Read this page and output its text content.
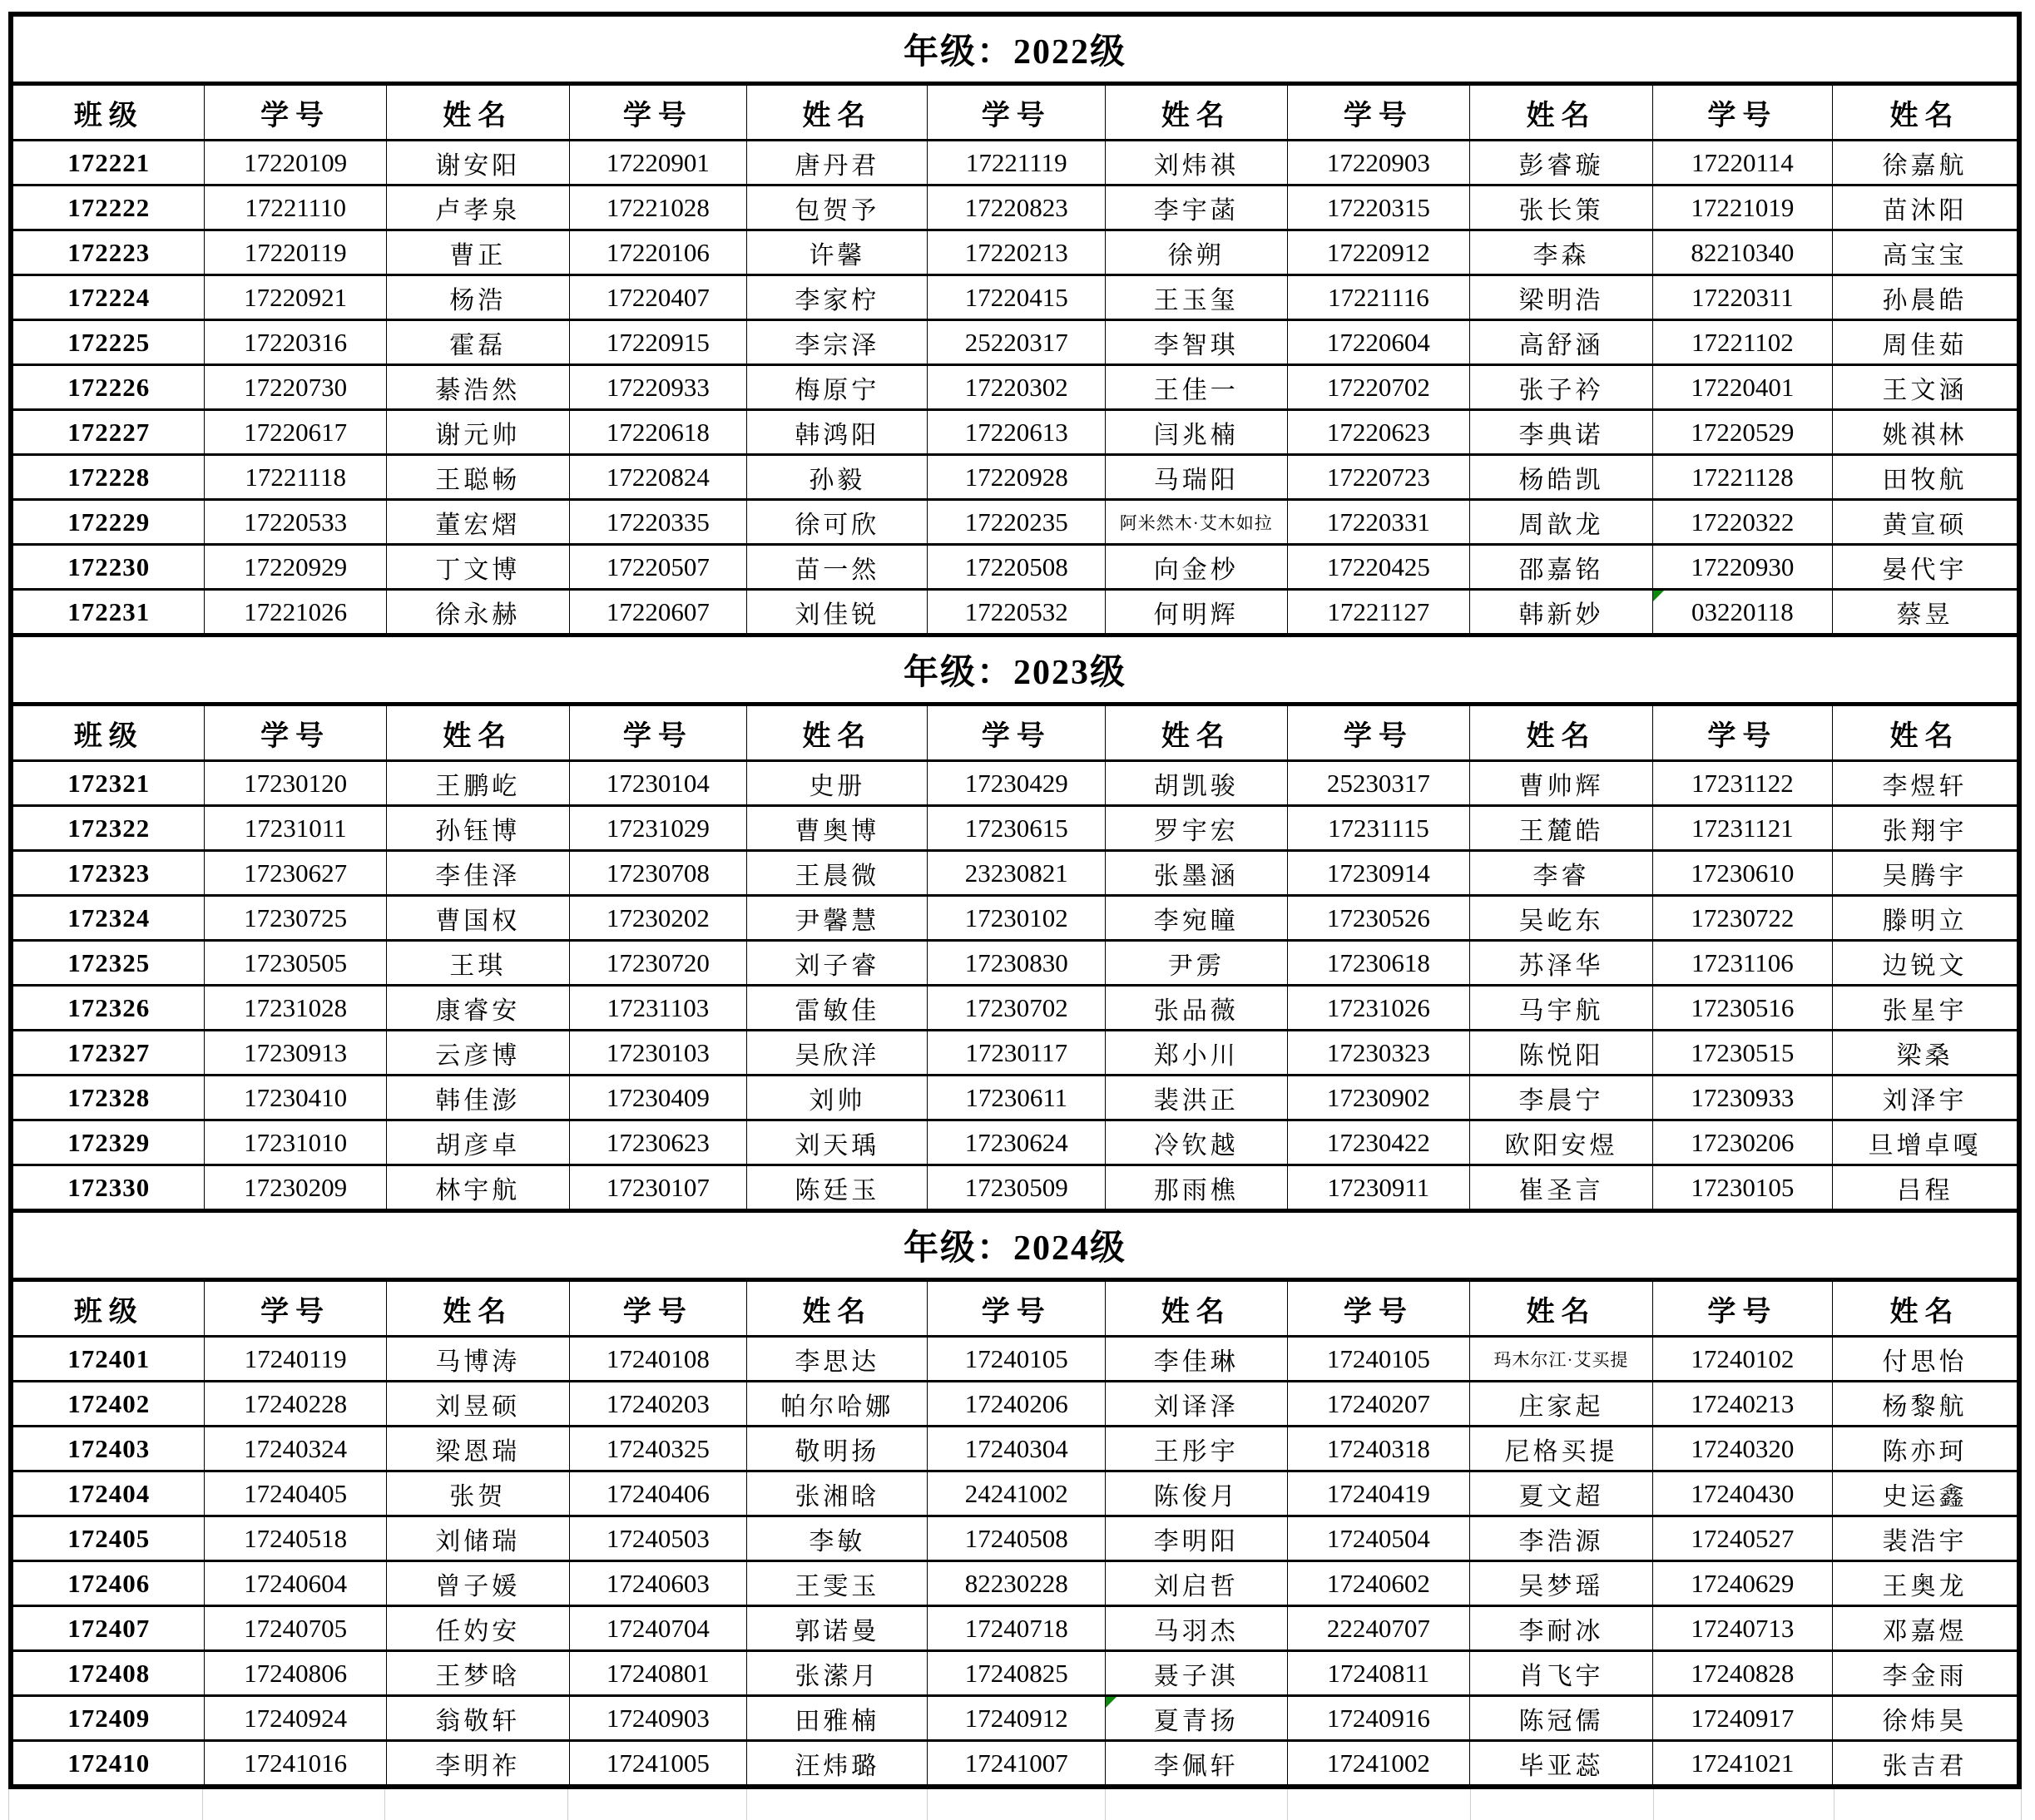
年级：2022级										
班级	学号	姓名	学号	姓名	学号	姓名	学号	姓名	学号	姓名
172221	17220109	谢安阳	17220901	唐丹君	17221119	刘炜祺	17220903	彭睿璇	17220114	徐嘉航
172222	17221110	卢孝泉	17221028	包贺予	17220823	李宇菡	17220315	张长策	17221019	苗沐阳
172223	17220119	曹正	17220106	许馨	17220213	徐朔	17220912	李森	82210340	高宝宝
172224	17220921	杨浩	17220407	李家柠	17220415	王玉玺	17221116	梁明浩	17220311	孙晨皓
172225	17220316	霍磊	17220915	李宗泽	25220317	李智琪	17220604	高舒涵	17221102	周佳茹
172226	17220730	綦浩然	17220933	梅原宁	17220302	王佳一	17220702	张子衿	17220401	王文涵
172227	17220617	谢元帅	17220618	韩鸿阳	17220613	闫兆楠	17220623	李典诺	17220529	姚祺林
172228	17221118	王聪畅	17220824	孙毅	17220928	马瑞阳	17220723	杨皓凯	17221128	田牧航
172229	17220533	董宏熠	17220335	徐可欣	17220235	阿米然木·艾木如拉	17220331	周歆龙	17220322	黄宣硕
172230	17220929	丁文博	17220507	苗一然	17220508	向金杪	17220425	邵嘉铭	17220930	晏代宇
172231	17221026	徐永赫	17220607	刘佳锐	17220532	何明辉	17221127	韩新妙	03220118	蔡昱
年级：2023级										
班级	学号	姓名	学号	姓名	学号	姓名	学号	姓名	学号	姓名
172321	17230120	王鹏屹	17230104	史册	17230429	胡凯骏	25230317	曹帅辉	17231122	李煜轩
172322	17231011	孙钰博	17231029	曹奥博	17230615	罗宇宏	17231115	王麓皓	17231121	张翔宇
172323	17230627	李佳泽	17230708	王晨微	23230821	张墨涵	17230914	李睿	17230610	吴腾宇
172324	17230725	曹国权	17230202	尹馨慧	17230102	李宛瞳	17230526	吴屹东	17230722	滕明立
172325	17230505	王琪	17230720	刘子睿	17230830	尹雳	17230618	苏泽华	17231106	边锐文
172326	17231028	康睿安	17231103	雷敏佳	17230702	张品薇	17231026	马宇航	17230516	张星宇
172327	17230913	云彦博	17230103	吴欣洋	17230117	郑小川	17230323	陈悦阳	17230515	梁桑
172328	17230410	韩佳澎	17230409	刘帅	17230611	裴洪正	17230902	李晨宁	17230933	刘泽宇
172329	17231010	胡彦卓	17230623	刘天瑀	17230624	冷钦越	17230422	欧阳安煜	17230206	旦增卓嘎
172330	17230209	林宇航	17230107	陈廷玉	17230509	那雨樵	17230911	崔圣言	17230105	吕程
年级：2024级										
班级	学号	姓名	学号	姓名	学号	姓名	学号	姓名	学号	姓名
172401	17240119	马博涛	17240108	李思达	17240105	李佳琳	17240105	玛木尔江·艾买提	17240102	付思怡
172402	17240228	刘昱硕	17240203	帕尔哈娜	17240206	刘译泽	17240207	庄家起	17240213	杨黎航
172403	17240324	梁恩瑞	17240325	敬明扬	17240304	王彤宇	17240318	尼格买提	17240320	陈亦珂
172404	17240405	张贺	17240406	张湘晗	24241002	陈俊月	17240419	夏文超	17240430	史运鑫
172405	17240518	刘储瑞	17240503	李敏	17240508	李明阳	17240504	李浩源	17240527	裴浩宇
172406	17240604	曾子媛	17240603	王雯玉	82230228	刘启哲	17240602	吴梦瑶	17240629	王奥龙
172407	17240705	任妁安	17240704	郭诺曼	17240718	马羽杰	22240707	李耐冰	17240713	邓嘉煜
172408	17240806	王梦晗	17240801	张潆月	17240825	聂子淇	17240811	肖飞宇	17240828	李金雨
172409	17240924	翁敬轩	17240903	田雅楠	17240912	夏青扬	17240916	陈冠儒	17240917	徐炜昊
172410	17241016	李明祚	17241005	汪炜璐	17241007	李佩轩	17241002	毕亚蕊	17241021	张吉君
